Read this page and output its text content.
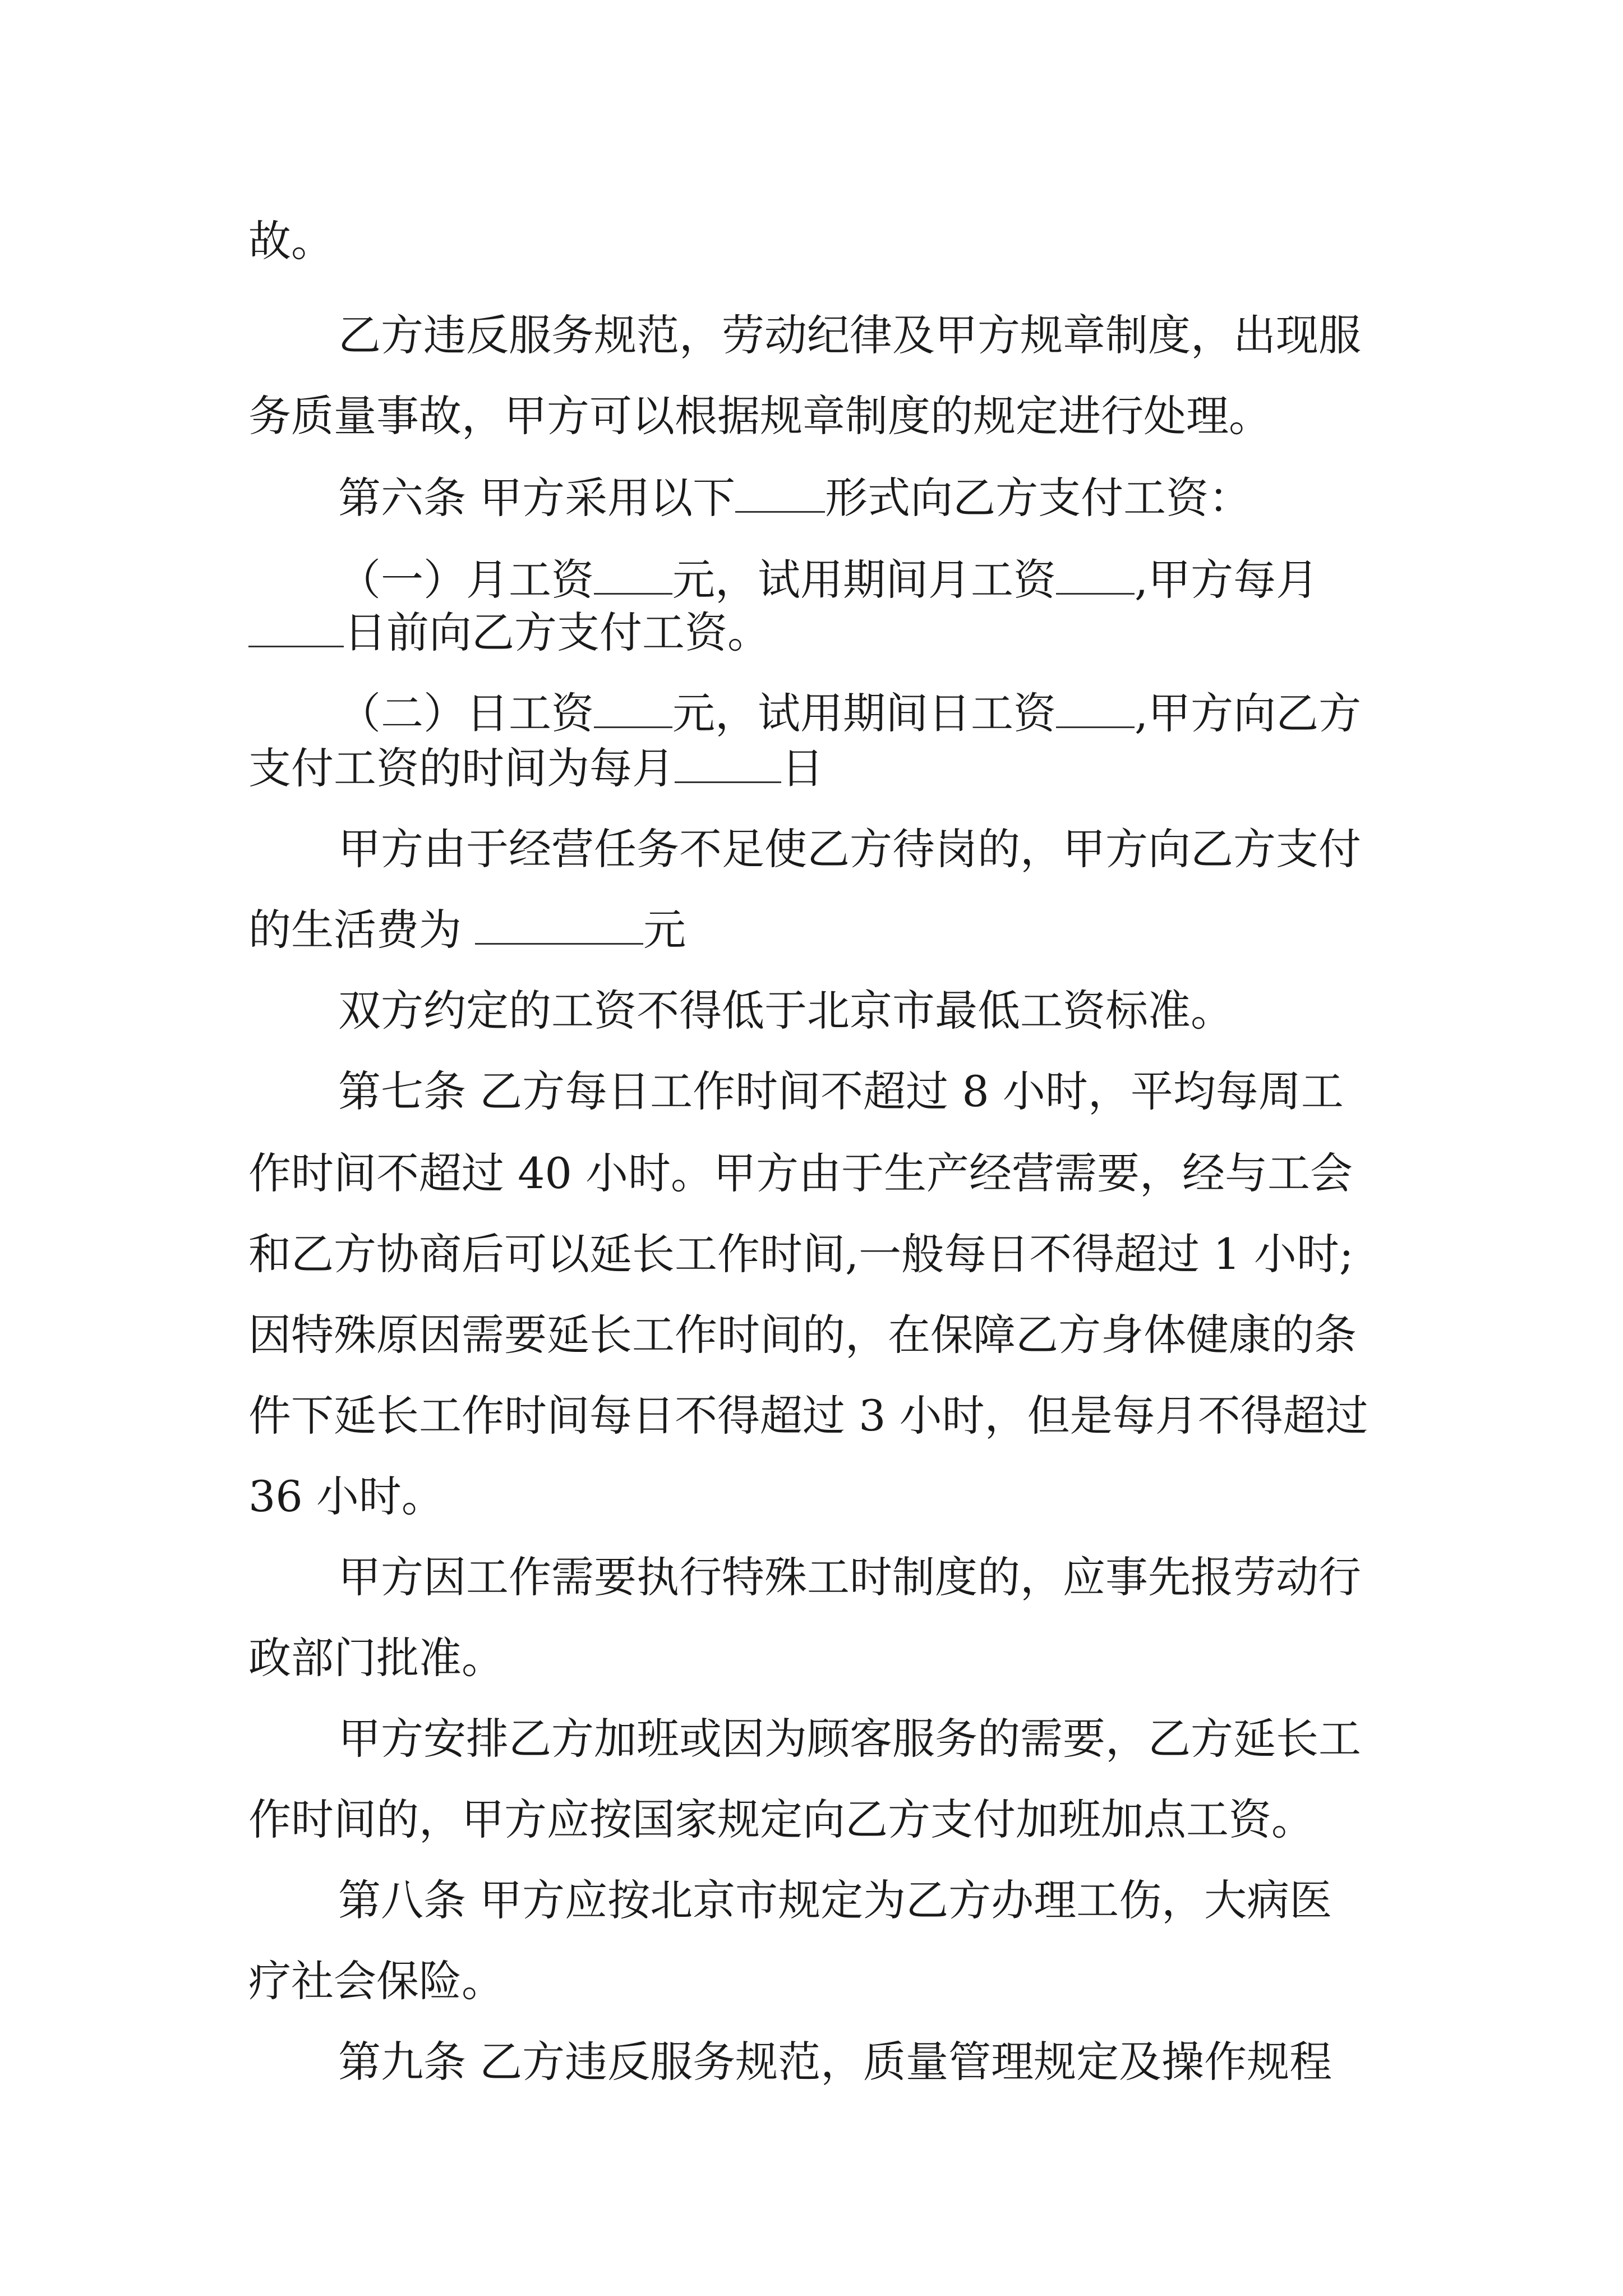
故。
乙方违反服务规范，劳动纪律及甲方规章制度，出现服
务质量事故，甲方可以根据规章制度的规定进行处理。
第六条 甲方采用以下 形式向乙方支付工资：
（一）月工资 元，试用期间月工资 ,甲方每月
日前向乙方支付工资。
（二）日工资 元，试用期间日工资 ,甲方向乙方
支付工资的时间为每月	日
甲方由于经营任务不足使乙方待岗的，甲方向乙方支付
的生活费为	元
双方约定的工资不得低于北京市最低工资标准。
第七条 乙方每日工作时间不超过 8 小时，平均每周工
作时间不超过 40 小时。甲方由于生产经营需要，经与工会
和乙方协商后可以延长工作时间,一般每日不得超过 1 小时;
因特殊原因需要延长工作时间的，在保障乙方身体健康的条
件下延长工作时间每日不得超过 3 小时，但是每月不得超过
36 小时。
甲方因工作需要执行特殊工时制度的，应事先报劳动行
政部门批准。
甲方安排乙方加班或因为顾客服务的需要，乙方延长工
作时间的，甲方应按国家规定向乙方支付加班加点工资。
第八条 甲方应按北京市规定为乙方办理工伤，大病医
疗社会保险。
第九条 乙方违反服务规范，质量管理规定及操作规程
